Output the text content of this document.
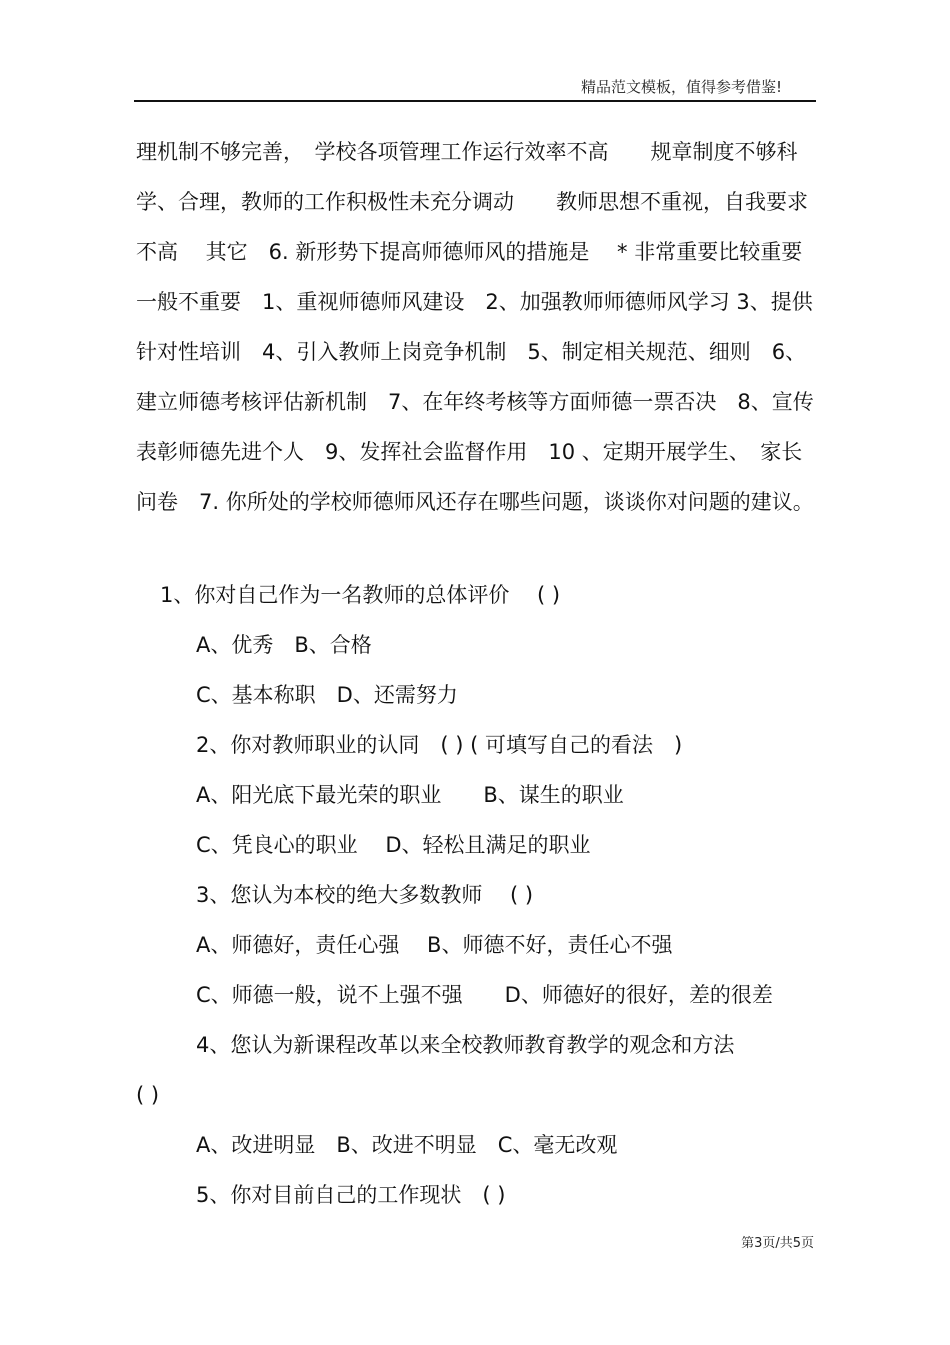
精品范文模板，值得参考借鉴!
理机制不够完善，　学校各项管理工作运行效率不高　　规章制度不够科学、合理，教师的工作积极性未充分调动　　教师思想不重视，自我要求不高　 其它　6. 新形势下提高师德师风的措施是　 * 非常重要比较重要一般不重要　1、重视师德师风建设　2、加强教师师德师风学习 3、提供针对性培训　4、引入教师上岗竞争机制　5、制定相关规范、细则　6、建立师德考核评估新机制　7、在年终考核等方面师德一票否决　8、宣传表彰师德先进个人　9、发挥社会监督作用　10 、定期开展学生、　家长问卷　7. 你所处的学校师德师风还存在哪些问题，谈谈你对问题的建议。
1、你对自己作为一名教师的总体评价　 ( )
A、优秀　B、合格
C、基本称职　D、还需努力
2、你对教师职业的认同　( ) ( 可填写自己的看法　)
A、阳光底下最光荣的职业　　B、谋生的职业
C、凭良心的职业　 D、轻松且满足的职业
3、您认为本校的绝大多数教师　 ( )
A、师德好，责任心强　 B、师德不好，责任心不强
C、师德一般，说不上强不强　　D、师德好的很好，差的很差
4、您认为新课程改革以来全校教师教育教学的观念和方法
( )
A、改进明显　B、改进不明显　C、毫无改观
5、你对目前自己的工作现状　( )
第3页/共5页
